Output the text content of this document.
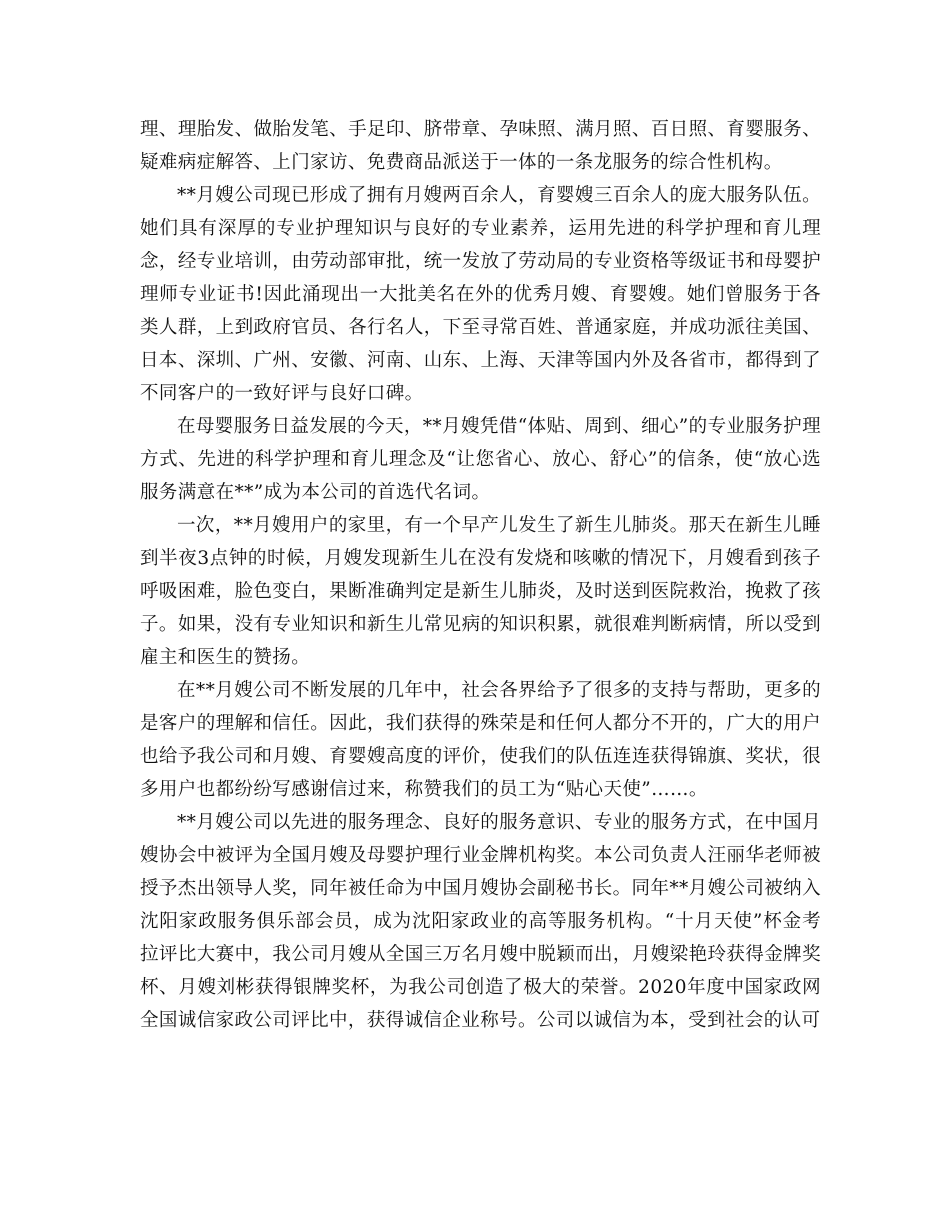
理、理胎发、做胎发笔、手足印、脐带章、孕味照、满月照、百日照、育婴服务、疑难病症解答、上门家访、免费商品派送于一体的一条龙服务的综合性机构。

**月嫂公司现已形成了拥有月嫂两百余人，育婴嫂三百余人的庞大服务队伍。她们具有深厚的专业护理知识与良好的专业素养，运用先进的科学护理和育儿理念，经专业培训，由劳动部审批，统一发放了劳动局的专业资格等级证书和母婴护理师专业证书!因此涌现出一大批美名在外的优秀月嫂、育婴嫂。她们曾服务于各类人群，上到政府官员、各行名人，下至寻常百姓、普通家庭，并成功派往美国、日本、深圳、广州、安徽、河南、山东、上海、天津等国内外及各省市，都得到了不同客户的一致好评与良好口碑。

在母婴服务日益发展的今天，**月嫂凭借“体贴、周到、细心”的专业服务护理方式、先进的科学护理和育儿理念及“让您省心、放心、舒心”的信条，使“放心选服务满意在**”成为本公司的首选代名词。

一次，**月嫂用户的家里，有一个早产儿发生了新生儿肺炎。那天在新生儿睡到半夜3点钟的时候，月嫂发现新生儿在没有发烧和咳嗽的情况下，月嫂看到孩子呼吸困难，脸色变白，果断准确判定是新生儿肺炎，及时送到医院救治，挽救了孩子。如果，没有专业知识和新生儿常见病的知识积累，就很难判断病情，所以受到雇主和医生的赞扬。

在**月嫂公司不断发展的几年中，社会各界给予了很多的支持与帮助，更多的是客户的理解和信任。因此，我们获得的殊荣是和任何人都分不开的，广大的用户也给予我公司和月嫂、育婴嫂高度的评价，使我们的队伍连连获得锦旗、奖状，很多用户也都纷纷写感谢信过来，称赞我们的员工为“贴心天使”……。

**月嫂公司以先进的服务理念、良好的服务意识、专业的服务方式，在中国月嫂协会中被评为全国月嫂及母婴护理行业金牌机构奖。本公司负责人汪丽华老师被授予杰出领导人奖，同年被任命为中国月嫂协会副秘书长。同年**月嫂公司被纳入沈阳家政服务俱乐部会员，成为沈阳家政业的高等服务机构。“十月天使”杯金考拉评比大赛中，我公司月嫂从全国三万名月嫂中脱颖而出，月嫂梁艳玲获得金牌奖杯、月嫂刘彬获得银牌奖杯，为我公司创造了极大的荣誉。2020年度中国家政网全国诚信家政公司评比中，获得诚信企业称号。公司以诚信为本，受到社会的认可
